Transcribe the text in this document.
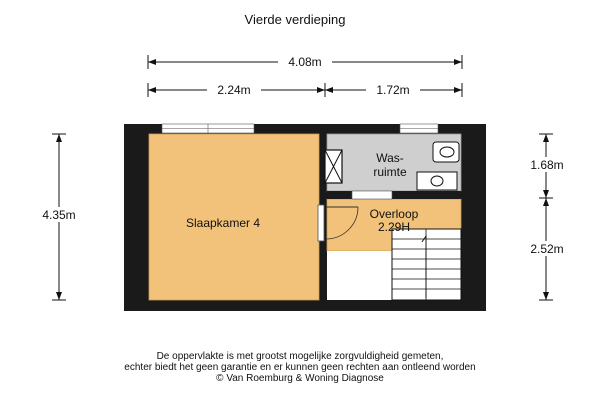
Vierde verdieping
4.08m
2.24m	1.72m
4.35m
1.68m
2.52m
Slaapkamer 4
Was-
ruimte
Overloop
2.29H
De oppervlakte is met grootst mogelijke zorgvuldigheid gemeten,
echter biedt het geen garantie en er kunnen geen rechten aan ontleend worden
© Van Roemburg & Woning Diagnose
